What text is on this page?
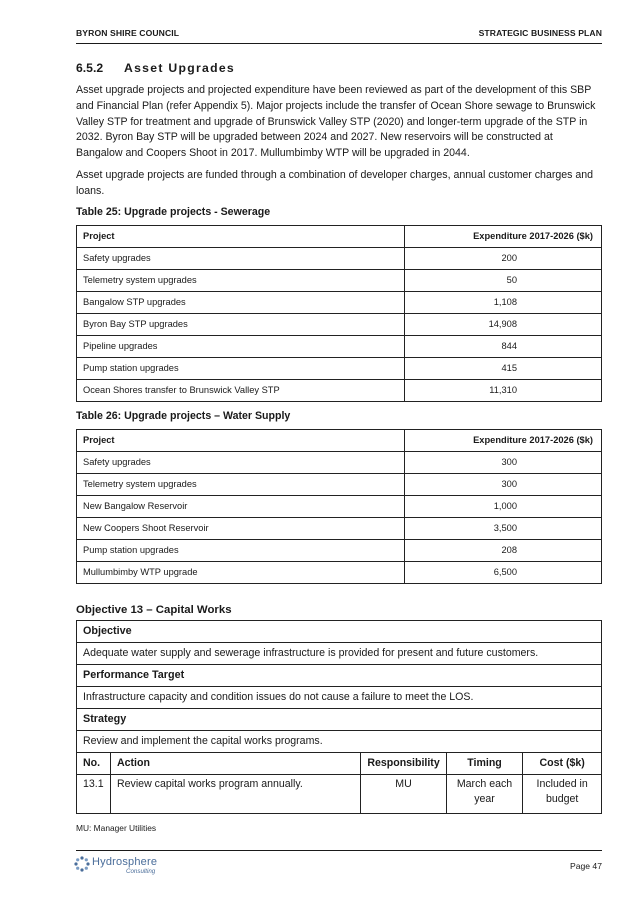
BYRON SHIRE COUNCIL	STRATEGIC BUSINESS PLAN
6.5.2 Asset Upgrades

Asset upgrade projects and projected expenditure have been reviewed as part of the development of this SBP and Financial Plan (refer Appendix 5). Major projects include the transfer of Ocean Shore sewage to Brunswick Valley STP for treatment and upgrade of Brunswick Valley STP (2020) and longer-term upgrade of the STP in 2032. Byron Bay STP will be upgraded between 2024 and 2027. New reservoirs will be constructed at Bangalow and Coopers Shoot in 2017. Mullumbimby WTP will be upgraded in 2044.

Asset upgrade projects are funded through a combination of developer charges, annual customer charges and loans.

Table 25: Upgrade projects - Sewerage
Project	Expenditure 2017-2026 ($k)
Safety upgrades	200
Telemetry system upgrades	50
Bangalow STP upgrades	1,108
Byron Bay STP upgrades	14,908
Pipeline upgrades	844
Pump station upgrades	415
Ocean Shores transfer to Brunswick Valley STP	11,310
Table 26: Upgrade projects – Water Supply
Project	Expenditure 2017-2026 ($k)
Safety upgrades	300
Telemetry system upgrades	300
New Bangalow Reservoir	1,000
New Coopers Shoot Reservoir	3,500
Pump station upgrades	208
Mullumbimby WTP upgrade	6,500
Objective 13 – Capital Works
Objective				
Adequate water supply and sewerage infrastructure is provided for present and future customers.				
Performance Target				
Infrastructure capacity and condition issues do not cause a failure to meet the LOS.				
Strategy				
Review and implement the capital works programs.				
No.	Action	Responsibility	Timing	Cost ($k)
13.1	Review capital works program annually.	MU	March each year	Included in budget
MU: Manager Utilities
Hydrosphere
Consulting
Page 47
